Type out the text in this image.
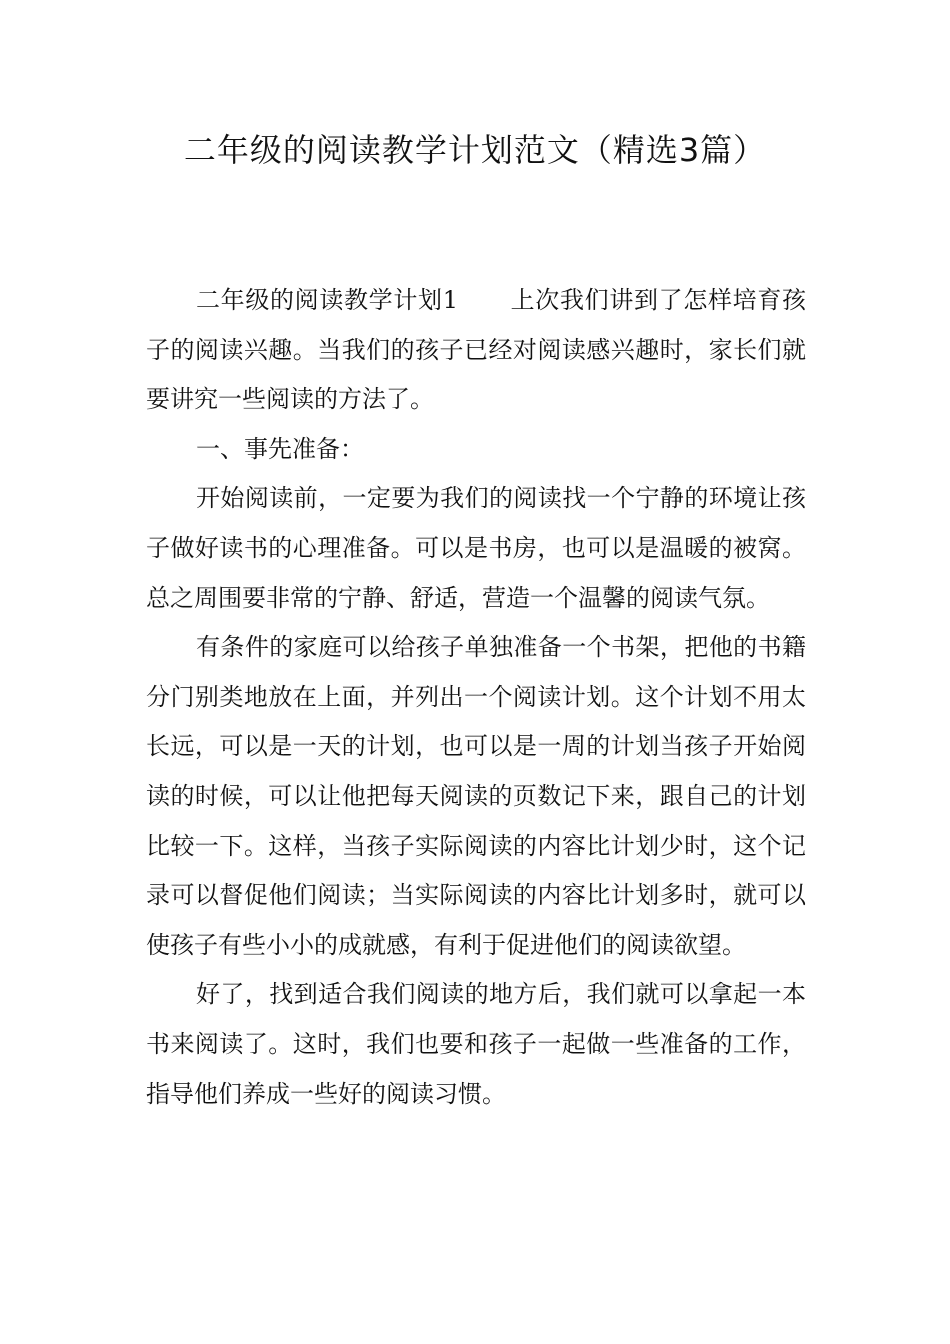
二年级的阅读教学计划范文（精选3篇）

二年级的阅读教学计划1 上次我们讲到了怎样培育孩子的阅读兴趣。当我们的孩子已经对阅读感兴趣时，家长们就要讲究一些阅读的方法了。

一、事先准备：

开始阅读前，一定要为我们的阅读找一个宁静的环境让孩子做好读书的心理准备。可以是书房，也可以是温暖的被窝。总之周围要非常的宁静、舒适，营造一个温馨的阅读气氛。

有条件的家庭可以给孩子单独准备一个书架，把他的书籍分门别类地放在上面，并列出一个阅读计划。这个计划不用太长远，可以是一天的计划，也可以是一周的计划当孩子开始阅读的时候，可以让他把每天阅读的页数记下来，跟自己的计划比较一下。这样，当孩子实际阅读的内容比计划少时，这个记录可以督促他们阅读；当实际阅读的内容比计划多时，就可以使孩子有些小小的成就感，有利于促进他们的阅读欲望。

好了，找到适合我们阅读的地方后，我们就可以拿起一本书来阅读了。这时，我们也要和孩子一起做一些准备的工作，指导他们养成一些好的阅读习惯。
